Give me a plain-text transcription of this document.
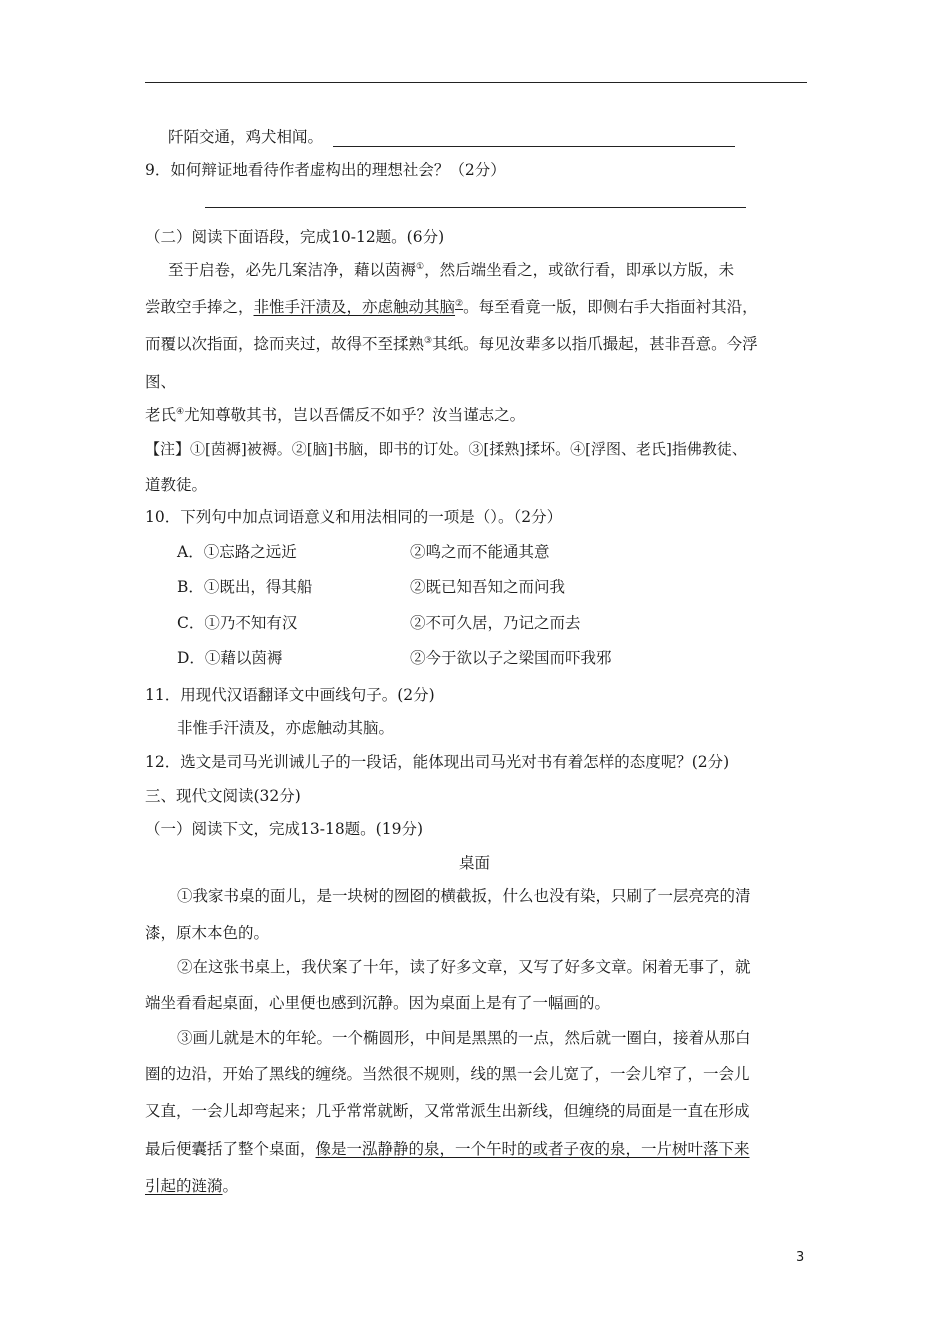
阡陌交通，鸡犬相闻。
9．如何辩证地看待作者虚构出的理想社会？（2分）
（二）阅读下面语段，完成10-12题。(6分)
至于启卷，必先几案洁净，藉以茵褥①，然后端坐看之，或欲行看，即承以方版，未
尝敢空手捧之，非惟手汗渍及，亦虑触动其脑②。每至看竟一版，即侧右手大指面衬其沿，
而覆以次指面，捻而夹过，故得不至揉熟③其纸。每见汝辈多以指爪撮起，甚非吾意。今浮
图、
老氏④尤知尊敬其书，岂以吾儒反不如乎？汝当谨志之。
【注】①[茵褥]被褥。②[脑]书脑，即书的订处。③[揉熟]揉坏。④[浮图、老氏]指佛教徒、
道教徒。
10．下列句中加点词语意义和用法相同的一项是（）。（2分）
A．①忘路之远近	②鸣之而不能通其意
B．①既出，得其船	②既已知吾知之而问我
C．①乃不知有汉	②不可久居，乃记之而去
D．①藉以茵褥	②今于欲以子之梁国而吓我邪
11．用现代汉语翻译文中画线句子。(2分)
非惟手汗渍及，亦虑触动其脑。
12．选文是司马光训诫儿子的一段话，能体现出司马光对书有着怎样的态度呢？(2分)
三、现代文阅读(32分)
（一）阅读下文，完成13-18题。(19分)
桌面
①我家书桌的面儿，是一块树的囫囵的横截扳，什么也没有染，只刷了一层亮亮的清
漆，原木本色的。
②在这张书桌上，我伏案了十年，读了好多文章，又写了好多文章。闲着无事了，就
端坐看看起桌面，心里便也感到沉静。因为桌面上是有了一幅画的。
③画儿就是木的年轮。一个椭圆形，中间是黑黑的一点，然后就一圈白，接着从那白
圈的边沿，开始了黑线的缠绕。当然很不规则，线的黑一会儿宽了，一会儿窄了，一会儿
又直，一会儿却弯起来；几乎常常就断，又常常派生出新线，但缠绕的局面是一直在形成
最后便囊括了整个桌面，像是一泓静静的泉，一个午时的或者子夜的泉，一片树叶落下来
引起的涟漪。
3
